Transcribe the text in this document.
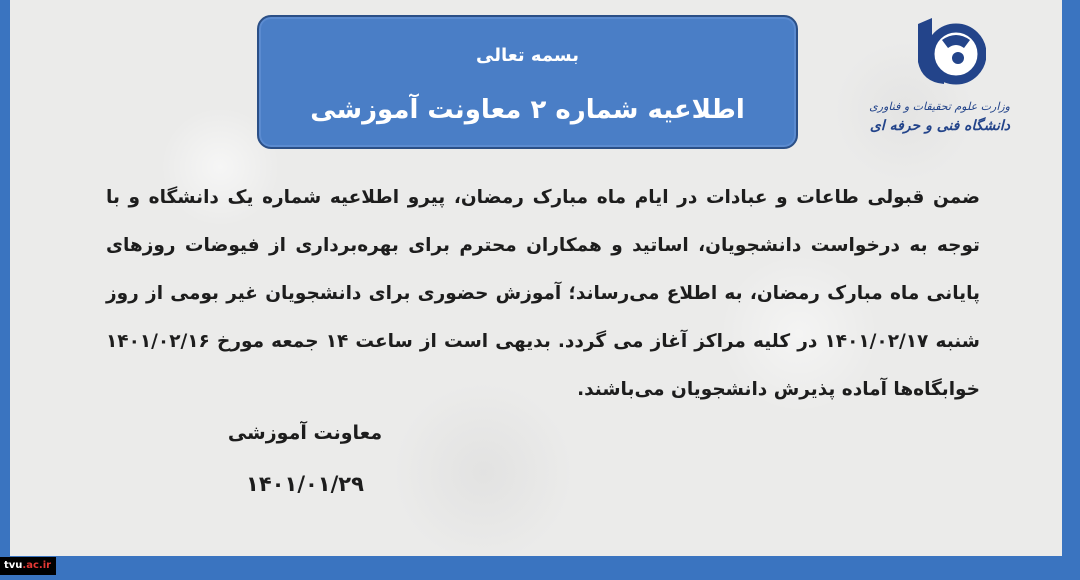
بسمه تعالی
اطلاعیه شماره ۲ معاونت آموزشی	وزارت علوم تحقیقات و فناوری
دانشگاه فنی و حرفه ای
ضمن قبولی طاعات و عبادات در ایام ماه مبارک رمضان، پیرو اطلاعیه شماره یک دانشگاه و با توجه به درخواست دانشجویان، اساتید و همکاران محترم برای بهره‌برداری از فیوضات روزهای پایانی ماه مبارک رمضان، به اطلاع می‌رساند؛ آموزش حضوری برای دانشجویان غیر بومی از روز شنبه ۱۴۰۱/۰۲/۱۷ در کلیه مراکز آغاز می گردد. بدیهی است از ساعت ۱۴ جمعه مورخ ۱۴۰۱/۰۲/۱۶ خوابگاه‌ها آماده پذیرش دانشجویان می‌باشند.
معاونت آموزشی
۱۴۰۱/۰۱/۲۹
tvu.ac.ir
